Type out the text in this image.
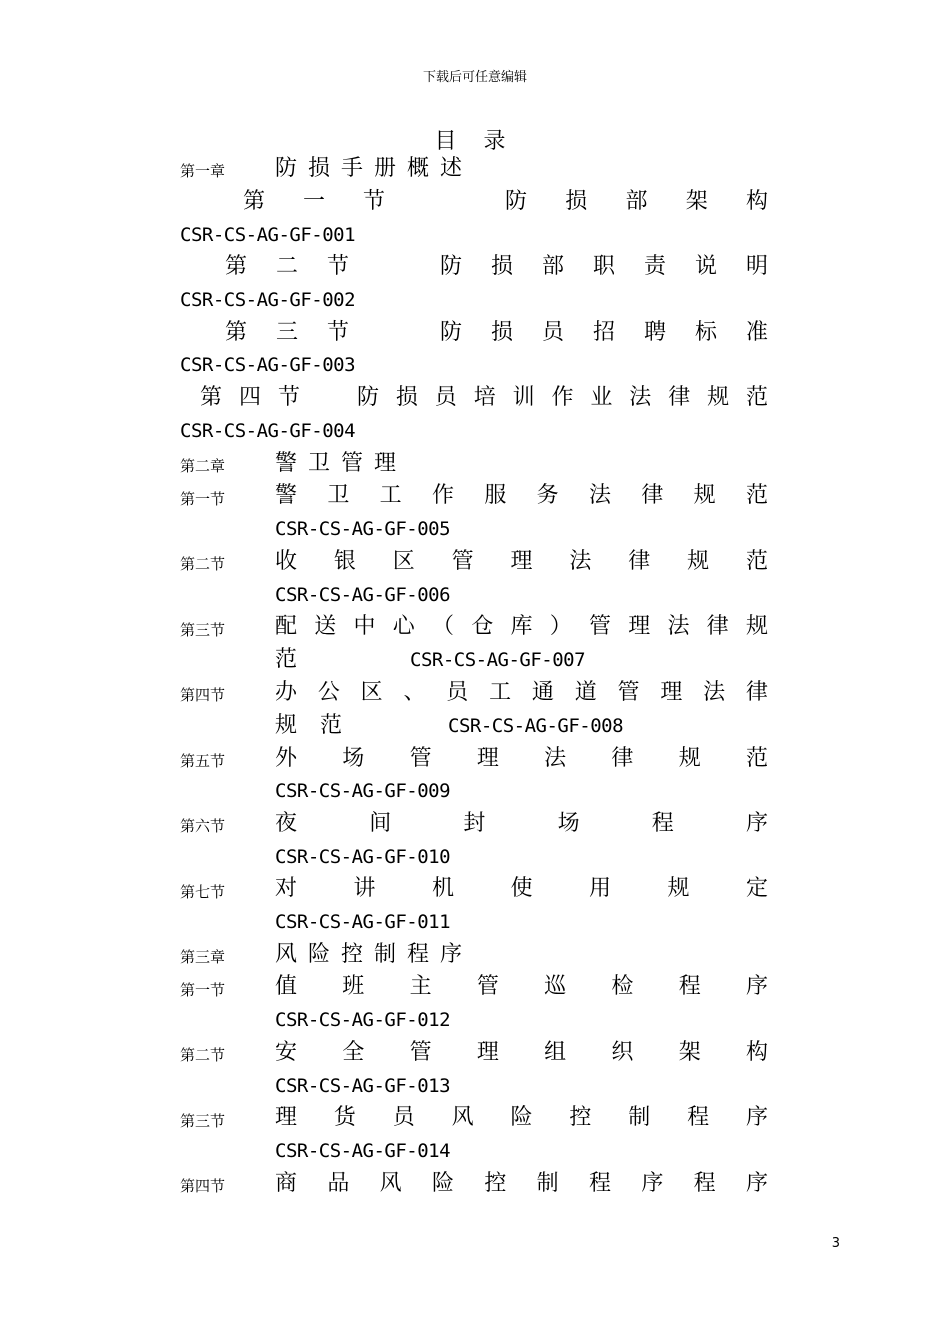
下载后可任意编辑
目 录
第一章 防 损 手 册 概 述
第 一 节	防 损 部 架 构
CSR-CS-AG-GF-001
第 二 节	防 损 部 职 责 说 明
CSR-CS-AG-GF-002
第 三 节	防 损 员 招 聘 标 准
CSR-CS-AG-GF-003
第 四 节	防 损 员 培 训 作 业 法 律 规 范
CSR-CS-AG-GF-004
第二章 警 卫 管 理
第一节 警 卫 工 作 服 务 法 律 规 范
CSR-CS-AG-GF-005
第二节 收 银 区 管 理 法 律 规 范
CSR-CS-AG-GF-006
第三节 配 送 中 心 （ 仓 库 ） 管 理 法 律 规
范	CSR-CS-AG-GF-007
第四节 办 公 区 、 员 工 通 道 管 理 法 律
规 范	CSR-CS-AG-GF-008
第五节 外 场 管 理 法 律 规 范
CSR-CS-AG-GF-009
第六节 夜 间 封 场 程 序
CSR-CS-AG-GF-010
第七节 对 讲 机 使 用 规 定
CSR-CS-AG-GF-011
第三章 风 险 控 制 程 序
第一节 值 班 主 管 巡 检 程 序
CSR-CS-AG-GF-012
第二节 安 全 管 理 组 织 架 构
CSR-CS-AG-GF-013
第三节 理 货 员 风 险 控 制 程 序
CSR-CS-AG-GF-014
第四节 商 品 风 险 控 制 程 序 程 序
3
